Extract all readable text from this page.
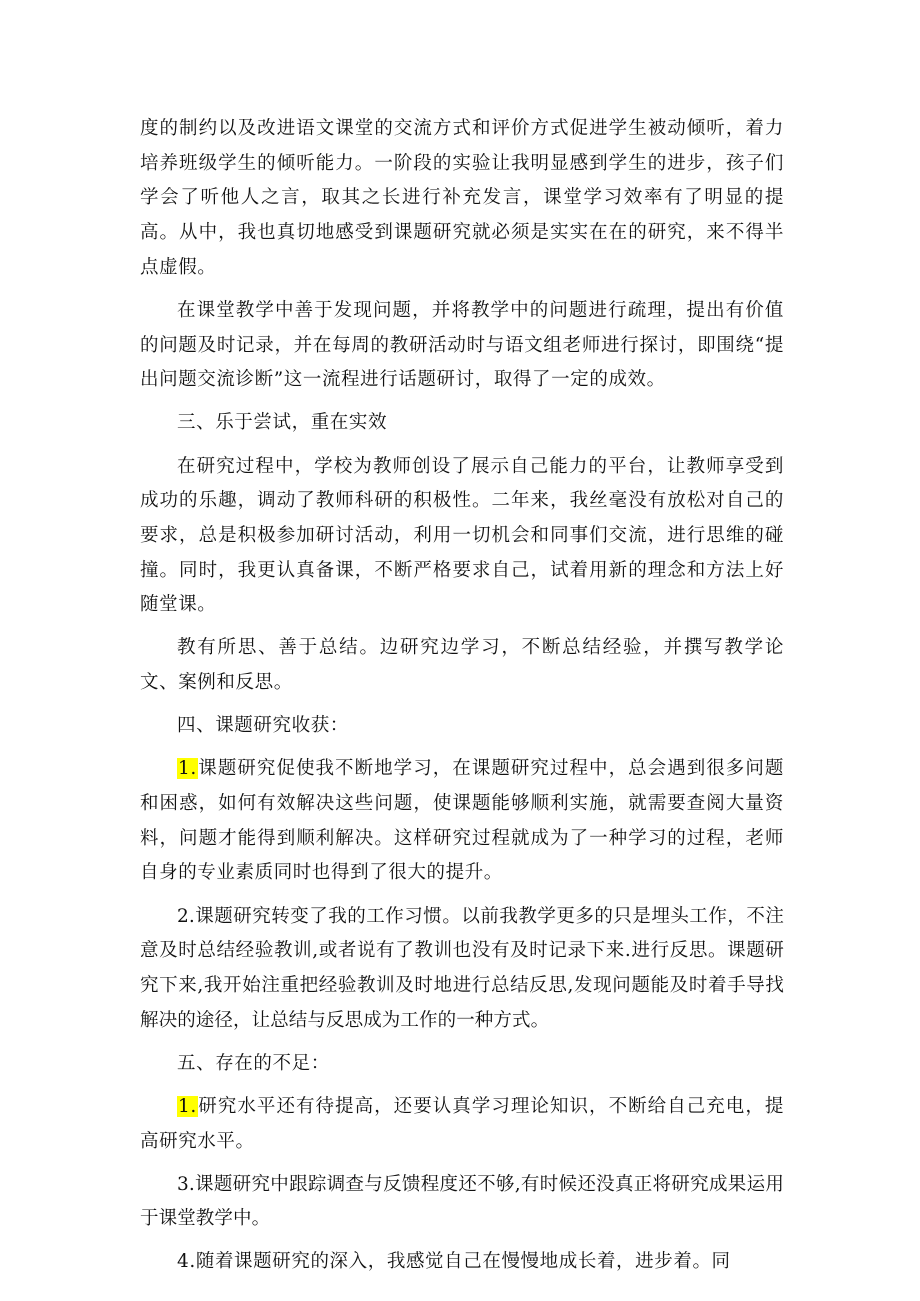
度的制约以及改进语文课堂的交流方式和评价方式促进学生被动倾听，着力培养班级学生的倾听能力。一阶段的实验让我明显感到学生的进步，孩子们学会了听他人之言，取其之长进行补充发言，课堂学习效率有了明显的提高。从中，我也真切地感受到课题研究就必须是实实在在的研究，来不得半点虚假。

在课堂教学中善于发现问题，并将教学中的问题进行疏理，提出有价值的问题及时记录，并在每周的教研活动时与语文组老师进行探讨，即围绕“提出问题交流诊断”这一流程进行话题研讨，取得了一定的成效。

三、乐于尝试，重在实效

在研究过程中，学校为教师创设了展示自己能力的平台，让教师享受到成功的乐趣，调动了教师科研的积极性。二年来，我丝毫没有放松对自己的要求，总是积极参加研讨活动，利用一切机会和同事们交流，进行思维的碰撞。同时，我更认真备课，不断严格要求自己，试着用新的理念和方法上好随堂课。

教有所思、善于总结。边研究边学习，不断总结经验，并撰写教学论文、案例和反思。

四、课题研究收获：

1.课题研究促使我不断地学习，在课题研究过程中，总会遇到很多问题和困惑，如何有效解决这些问题，使课题能够顺利实施，就需要查阅大量资料，问题才能得到顺利解决。这样研究过程就成为了一种学习的过程，老师自身的专业素质同时也得到了很大的提升。

2.课题研究转变了我的工作习惯。以前我教学更多的只是埋头工作，不注意及时总结经验教训,或者说有了教训也没有及时记录下来.进行反思。课题研究下来,我开始注重把经验教训及时地进行总结反思,发现问题能及时着手导找解决的途径，让总结与反思成为工作的一种方式。

五、存在的不足：

1.研究水平还有待提高，还要认真学习理论知识，不断给自己充电，提高研究水平。

3.课题研究中跟踪调查与反馈程度还不够,有时候还没真正将研究成果运用于课堂教学中。

4.随着课题研究的深入，我感觉自己在慢慢地成长着，进步着。同
